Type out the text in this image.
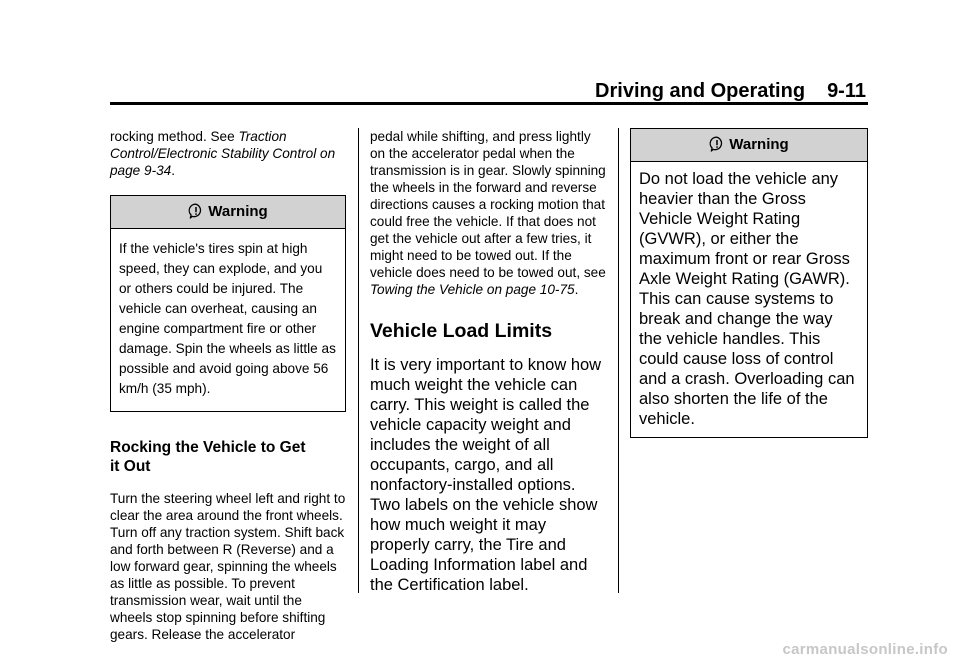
Driving and Operating 9-11

rocking method. See Traction Control/Electronic Stability Control on page 9-34.

Warning
If the vehicle's tires spin at high speed, they can explode, and you or others could be injured. The vehicle can overheat, causing an engine compartment fire or other damage. Spin the wheels as little as possible and avoid going above 56 km/h (35 mph).
Rocking the Vehicle to Get
it Out

Turn the steering wheel left and right to clear the area around the front wheels. Turn off any traction system. Shift back and forth between R (Reverse) and a low forward gear, spinning the wheels as little as possible. To prevent transmission wear, wait until the wheels stop spinning before shifting gears. Release the accelerator

pedal while shifting, and press lightly on the accelerator pedal when the transmission is in gear. Slowly spinning the wheels in the forward and reverse directions causes a rocking motion that could free the vehicle. If that does not get the vehicle out after a few tries, it might need to be towed out. If the vehicle does need to be towed out, see Towing the Vehicle on page 10-75.

Vehicle Load Limits

It is very important to know how much weight the vehicle can carry. This weight is called the vehicle capacity weight and includes the weight of all occupants, cargo, and all nonfactory-installed options. Two labels on the vehicle show how much weight it may properly carry, the Tire and Loading Information label and the Certification label.

Warning
Do not load the vehicle any heavier than the Gross Vehicle Weight Rating (GVWR), or either the maximum front or rear Gross Axle Weight Rating (GAWR). This can cause systems to break and change the way the vehicle handles. This could cause loss of control and a crash. Overloading can also shorten the life of the vehicle.
carmanualsonline.info
